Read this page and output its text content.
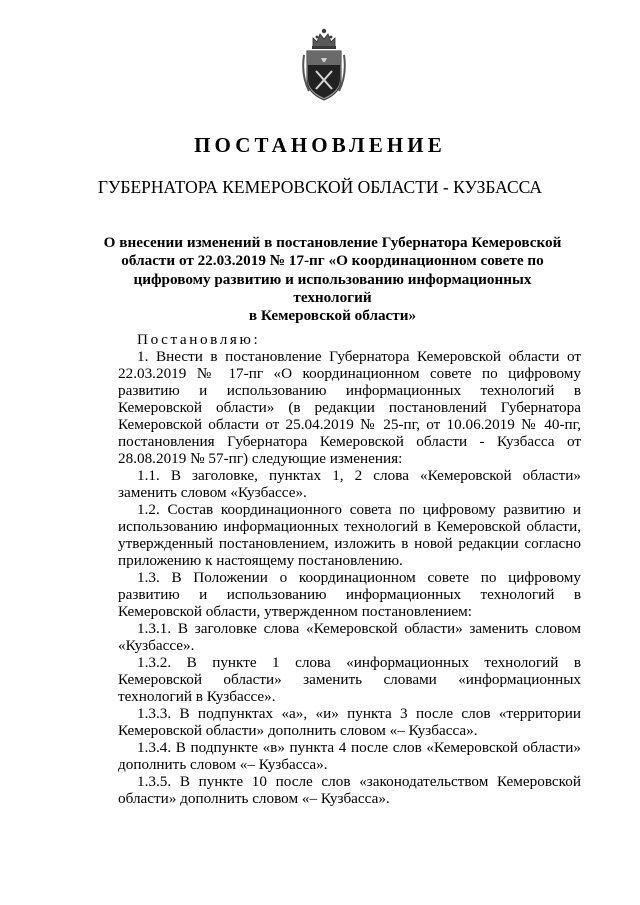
ПОСТАНОВЛЕНИЕ
ГУБЕРНАТОРА КЕМЕРОВСКОЙ ОБЛАСТИ - КУЗБАССА
О внесении изменений в постановление Губернатора Кемеровской
области от 22.03.2019 № 17-пг «О координационном совете по
цифровому развитию и использованию информационных технологий
в Кемеровской области»

Постановляю:

1. Внести в постановление Губернатора Кемеровской области от 22.03.2019 № 17-пг «О координационном совете по цифровому развитию и использованию информационных технологий в Кемеровской области» (в редакции постановлений Губернатора Кемеровской области от 25.04.2019 № 25-пг, от 10.06.2019 № 40-пг, постановления Губернатора Кемеровской области - Кузбасса от 28.08.2019 № 57-пг) следующие изменения:

1.1. В заголовке, пунктах 1, 2 слова «Кемеровской области» заменить словом «Кузбассе».

1.2. Состав координационного совета по цифровому развитию и использованию информационных технологий в Кемеровской области, утвержденный постановлением, изложить в новой редакции согласно приложению к настоящему постановлению.

1.3. В Положении о координационном совете по цифровому развитию и использованию информационных технологий в Кемеровской области, утвержденном постановлением:

1.3.1. В заголовке слова «Кемеровской области» заменить словом «Кузбассе».

1.3.2. В пункте 1 слова «информационных технологий в Кемеровской области» заменить словами «информационных технологий в Кузбассе».

1.3.3. В подпунктах «а», «и» пункта 3 после слов «территории Кемеровской области» дополнить словом «– Кузбасса».

1.3.4. В подпункте «в» пункта 4 после слов «Кемеровской области» дополнить словом «– Кузбасса».

1.3.5. В пункте 10 после слов «законодательством Кемеровской области» дополнить словом «– Кузбасса».
